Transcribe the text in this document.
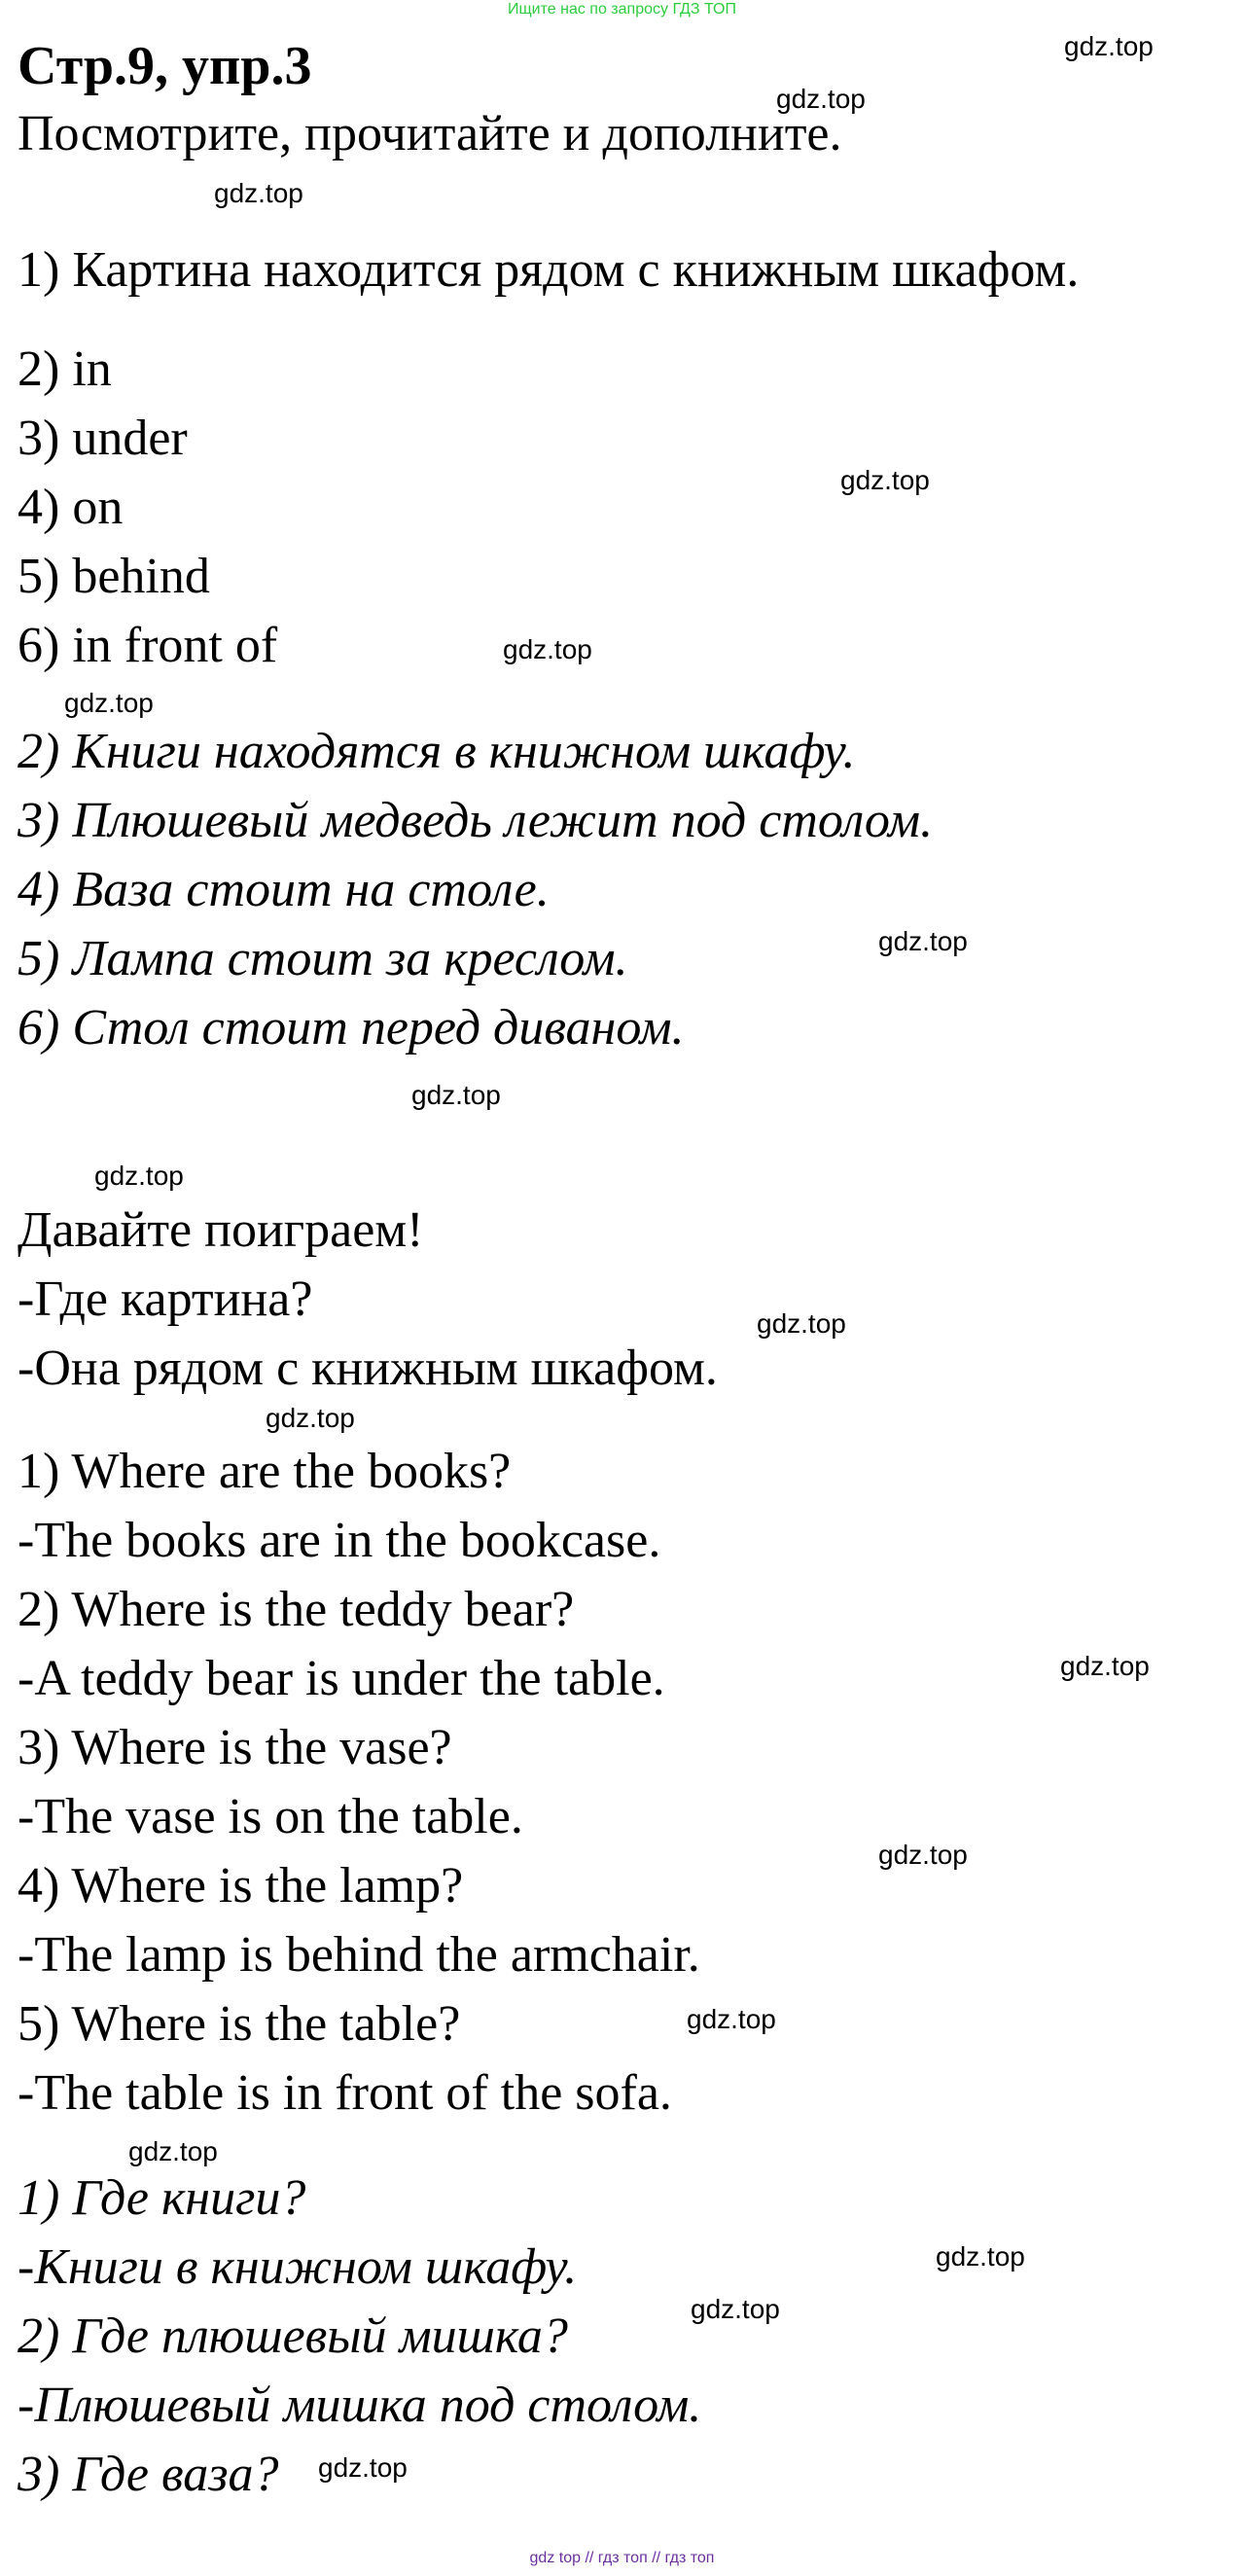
Ищите нас по запросу ГДЗ ТОП
Стр.9, упр.3
Посмотрите, прочитайте и дополните.
1) Картина находится рядом с книжным шкафом.
2) in
3) under
4) on
5) behind
6) in front of
2) Книги находятся в книжном шкафу.
3) Плюшевый медведь лежит под столом.
4) Ваза стоит на столе.
5) Лампа стоит за креслом.
6) Стол стоит перед диваном.
Давайте поиграем!
-Где картина?
-Она рядом с книжным шкафом.
1) Where are the books?
-The books are in the bookcase.
2) Where is the teddy bear?
-A teddy bear is under the table.
3) Where is the vase?
-The vase is on the table.
4) Where is the lamp?
-The lamp is behind the armchair.
5) Where is the table?
-The table is in front of the sofa.
1) Где книги?
-Книги в книжном шкафу.
2) Где плюшевый мишка?
-Плюшевый мишка под столом.
3) Где ваза?
gdz.top
gdz.top
gdz.top
gdz.top
gdz.top
gdz.top
gdz.top
gdz.top
gdz.top
gdz.top
gdz.top
gdz.top
gdz.top
gdz.top
gdz.top
gdz.top
gdz.top
gdz.top
gdz top // гдз топ // гдз топ
